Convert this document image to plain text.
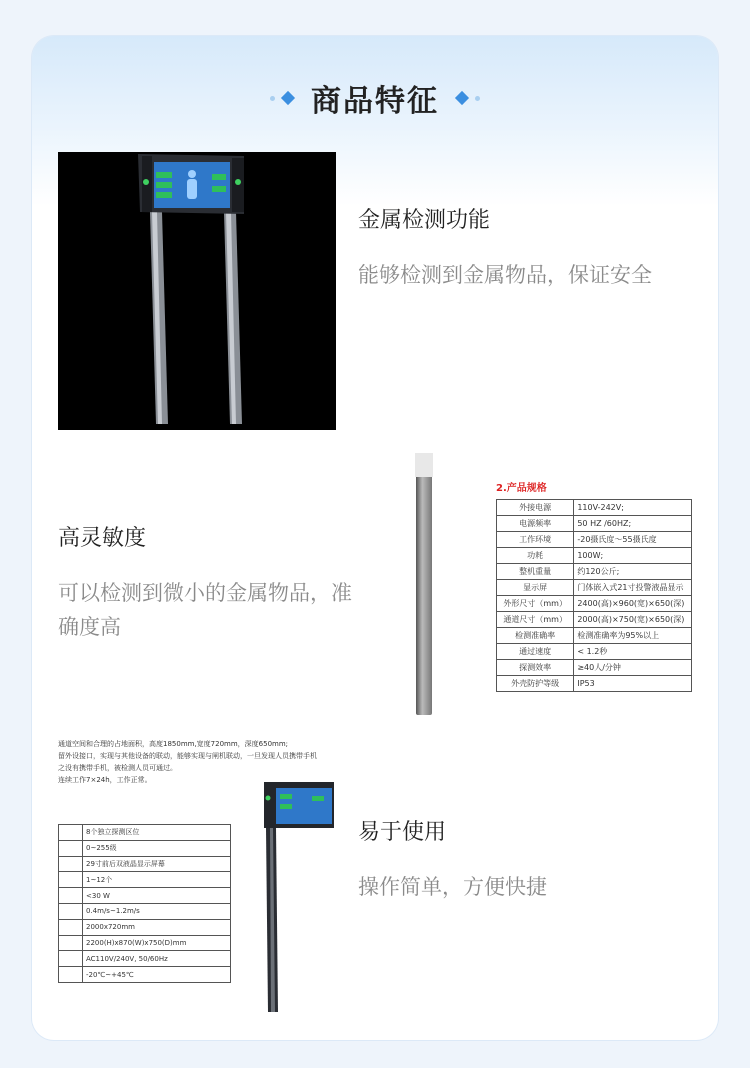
商品特征
金属检测功能
能够检测到金属物品，保证安全
高灵敏度
可以检测到微小的金属物品，准确度高
2.产品规格
外接电源	110V-242V;
电源频率	50 HZ /60HZ;
工作环境	-20摄氏度～55摄氏度
功耗	100W;
整机重量	约120公斤;
显示屏	门体嵌入式21寸投警液晶显示
外形尺寸（mm）	2400(高)×960(宽)×650(深)
通道尺寸（mm）	2000(高)×750(宽)×650(深)
检测准确率	检测准确率为95%以上
通过速度	< 1.2秒
探测效率	≥40人/分钟
外壳防护等级	IP53
通道空间和合理的占地面积，高度1850mm,宽度720mm，深度650mm;
留外设接口，实现与其他设备的联动，能够实现与闸机联动，一旦发现人员携带手机
之没有携带手机，被检测人员可通过。
连续工作7×24h，工作正常。
	8个独立探测区位
	0~255级
	29寸前后双液晶显示屏幕
	1~12个
	<30 W
	0.4m/s~1.2m/s
	2000x720mm
	2200(H)x870(W)x750(D)mm
	AC110V/240V, 50/60Hz
	-20℃~+45℃
易于使用
操作简单，方便快捷
